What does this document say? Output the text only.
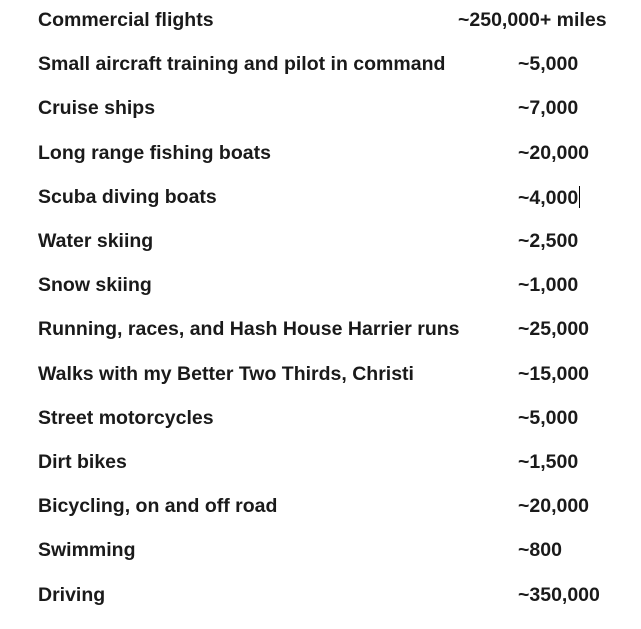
Commercial flights	~250,000+ miles
Small aircraft training and pilot in command	~5,000
Cruise ships	~7,000
Long range fishing boats	~20,000
Scuba diving boats	~4,000
Water skiing	~2,500
Snow skiing	~1,000
Running, races, and Hash House Harrier runs	~25,000
Walks with my Better Two Thirds, Christi	~15,000
Street motorcycles	~5,000
Dirt bikes	~1,500
Bicycling, on and off road	~20,000
Swimming	~800
Driving	~350,000
